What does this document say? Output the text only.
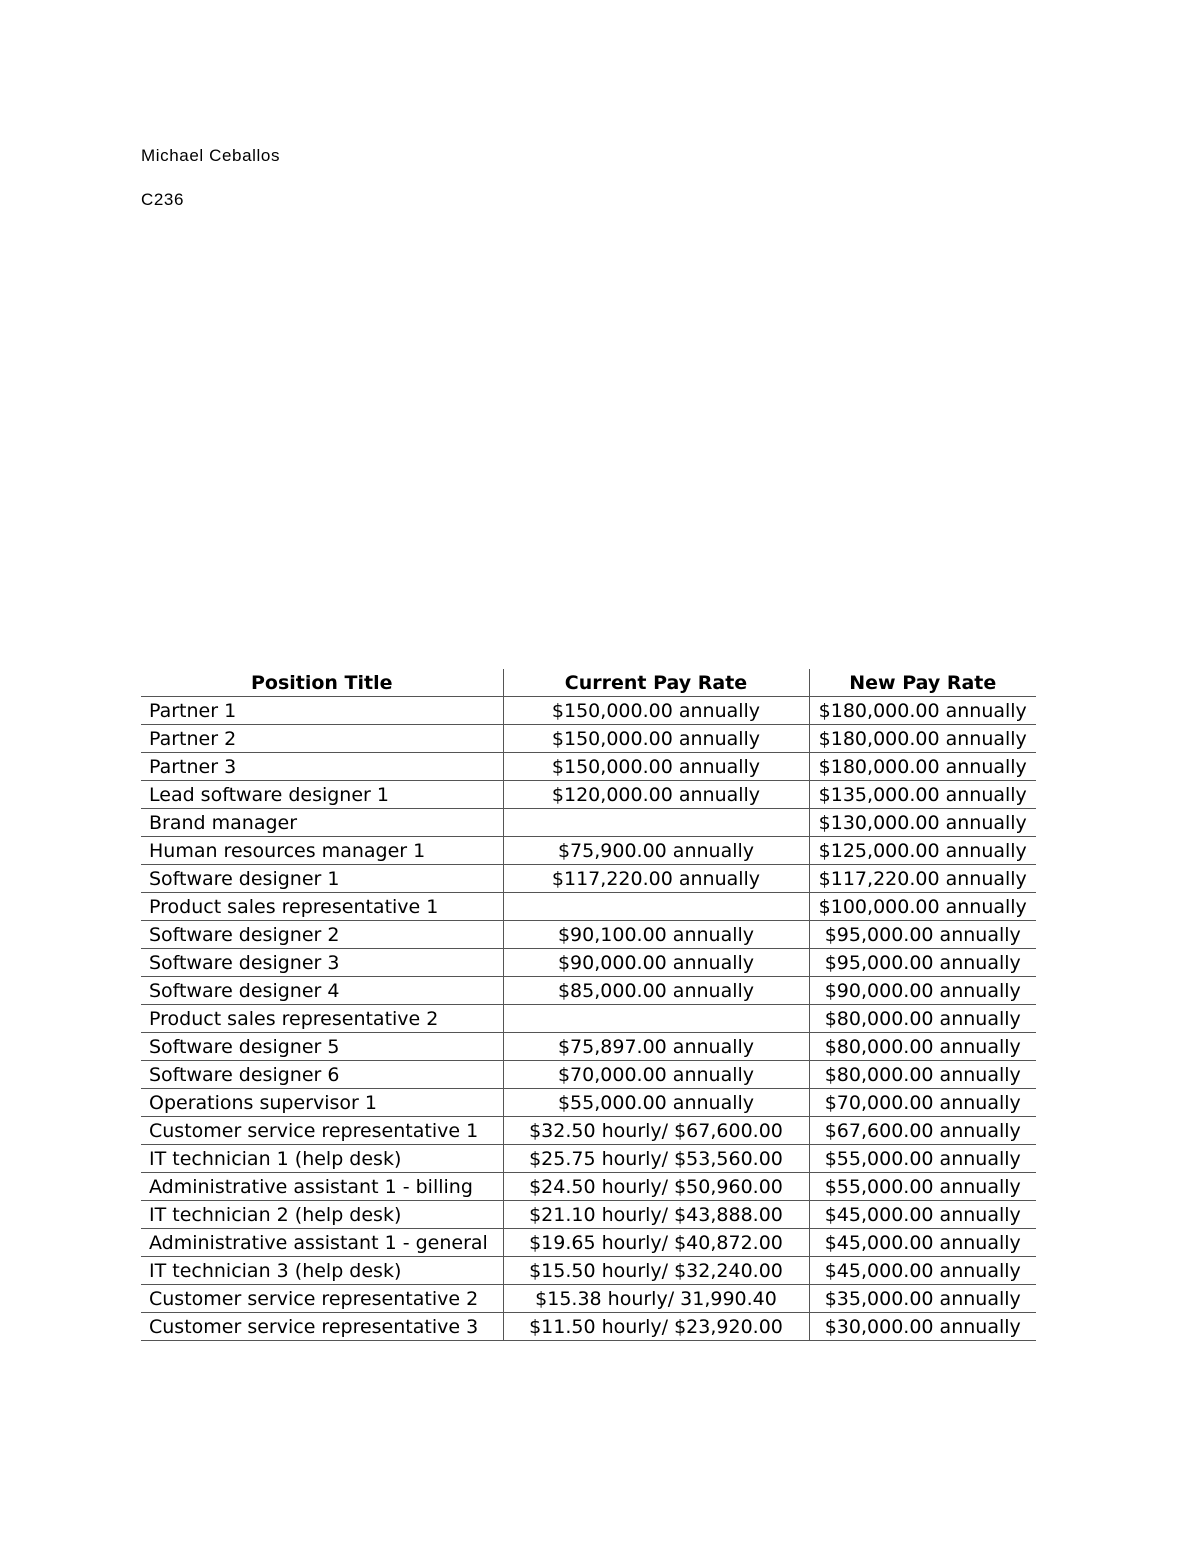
Michael Ceballos
C236
Position Title	Current Pay Rate	New Pay Rate
Partner 1	$150,000.00 annually	$180,000.00 annually
Partner 2	$150,000.00 annually	$180,000.00 annually
Partner 3	$150,000.00 annually	$180,000.00 annually
Lead software designer 1	$120,000.00 annually	$135,000.00 annually
Brand manager		$130,000.00 annually
Human resources manager 1	$75,900.00 annually	$125,000.00 annually
Software designer 1	$117,220.00 annually	$117,220.00 annually
Product sales representative 1		$100,000.00 annually
Software designer 2	$90,100.00 annually	$95,000.00 annually
Software designer 3	$90,000.00 annually	$95,000.00 annually
Software designer 4	$85,000.00 annually	$90,000.00 annually
Product sales representative 2		$80,000.00 annually
Software designer 5	$75,897.00 annually	$80,000.00 annually
Software designer 6	$70,000.00 annually	$80,000.00 annually
Operations supervisor 1	$55,000.00 annually	$70,000.00 annually
Customer service representative 1	$32.50 hourly/ $67,600.00	$67,600.00 annually
IT technician 1 (help desk)	$25.75 hourly/ $53,560.00	$55,000.00 annually
Administrative assistant 1 - billing	$24.50 hourly/ $50,960.00	$55,000.00 annually
IT technician 2 (help desk)	$21.10 hourly/ $43,888.00	$45,000.00 annually
Administrative assistant 1 - general	$19.65 hourly/ $40,872.00	$45,000.00 annually
IT technician 3 (help desk)	$15.50 hourly/ $32,240.00	$45,000.00 annually
Customer service representative 2	$15.38 hourly/ 31,990.40	$35,000.00 annually
Customer service representative 3	$11.50 hourly/ $23,920.00	$30,000.00 annually
